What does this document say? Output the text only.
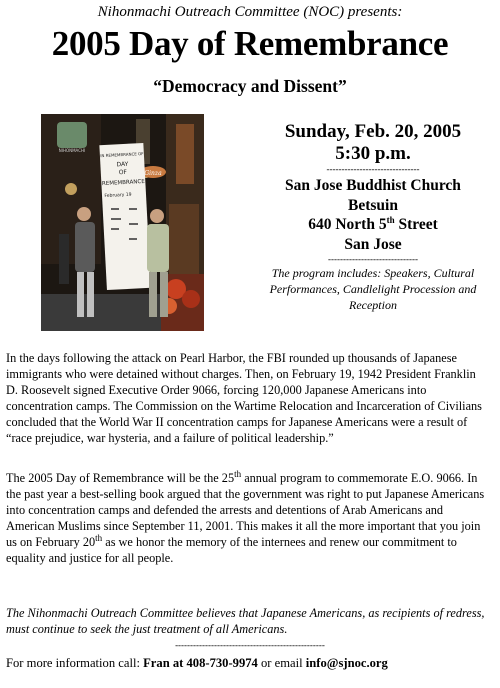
Nihonmachi Outreach Committee (NOC) presents:
2005 Day of Remembrance
“Democracy and Dissent”
NIHONMACHI
Ginza
IN REMEMBRANCE OF
DAY
OF
REMEMBRANCE
February 19
Sunday, Feb. 20, 2005
5:30 p.m.
-------------------------------
San Jose Buddhist Church
Betsuin
640 North 5th Street
San Jose
------------------------------
The program includes: Speakers, Cultural Performances, Candlelight Procession and Reception
In the days following the attack on Pearl Harbor, the FBI rounded up thousands of Japanese immigrants who were detained without charges. Then, on February 19, 1942 President Franklin D. Roosevelt signed Executive Order 9066, forcing 120,000 Japanese Americans into concentration camps. The Commission on the Wartime Relocation and Incarceration of Civilians concluded that the World War II concentration camps for Japanese Americans were a result of “race prejudice, war hysteria, and a failure of political leadership.”
The 2005 Day of Remembrance will be the 25th annual program to commemorate E.O. 9066. In the past year a best-selling book argued that the government was right to put Japanese Americans into concentration camps and defended the arrests and detentions of Arab Americans and American Muslims since September 11, 2001. This makes it all the more important that you join us on February 20th as we honor the memory of the internees and renew our commitment to equality and justice for all people.
The Nihonmachi Outreach Committee believes that Japanese Americans, as recipients of redress, must continue to seek the just treatment of all Americans.
--------------------------------------------------
For more information call: Fran at 408-730-9974 or email info@sjnoc.org
